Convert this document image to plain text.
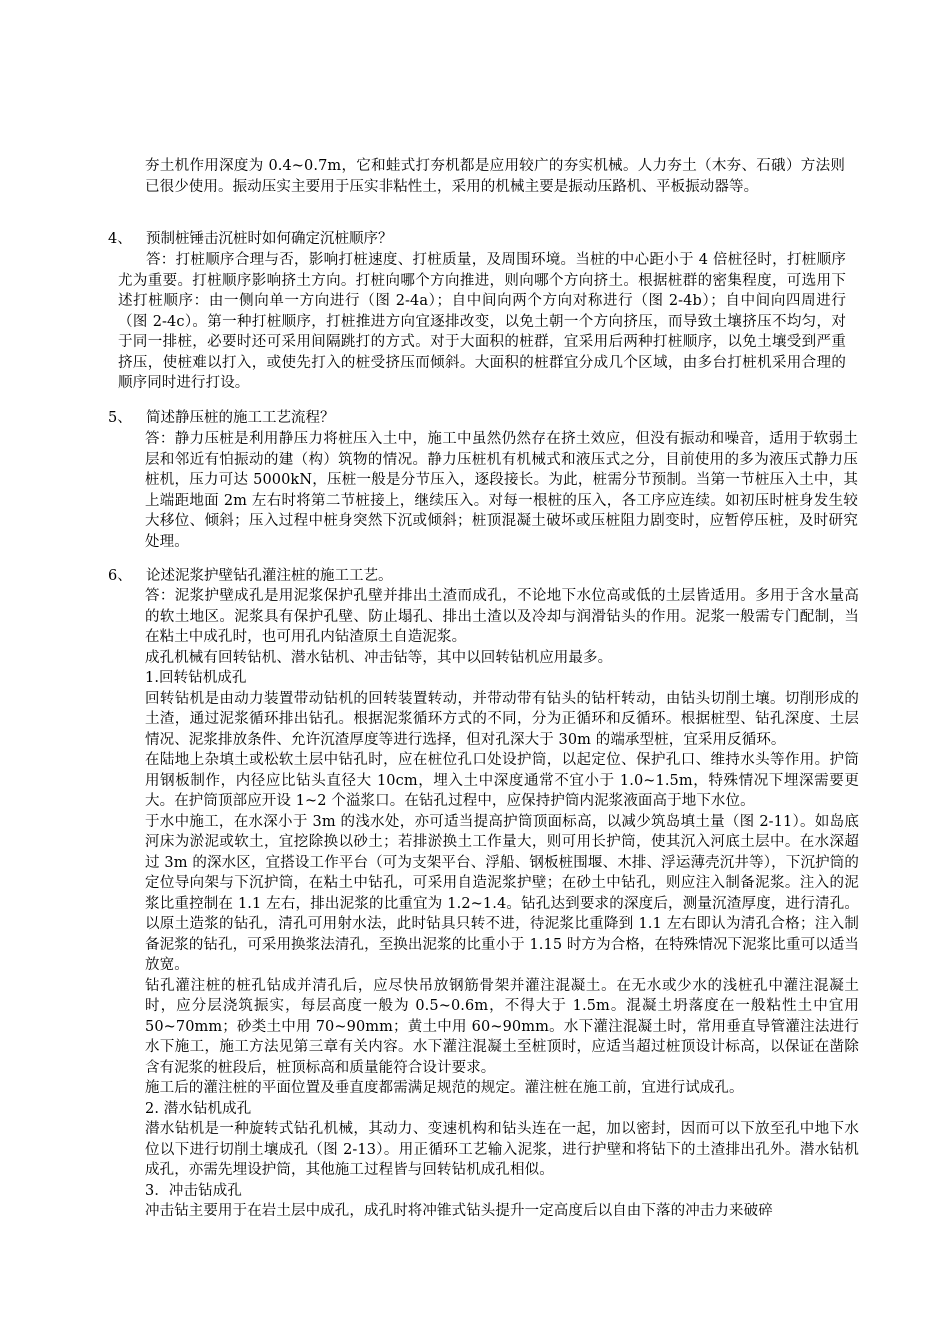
夯土机作用深度为 0.4~0.7m，它和蛙式打夯机都是应用较广的夯实机械。人力夯土（木夯、石硪）方法则已很少使用。振动压实主要用于压实非粘性土，采用的机械主要是振动压路机、平板振动器等。
4、 预制桩锤击沉桩时如何确定沉桩顺序？

答：打桩顺序合理与否，影响打桩速度、打桩质量，及周围环境。当桩的中心距小于 4 倍桩径时，打桩顺序尤为重要。打桩顺序影响挤土方向。打桩向哪个方向推进，则向哪个方向挤土。根据桩群的密集程度，可选用下述打桩顺序：由一侧向单一方向进行（图 2-4a）；自中间向两个方向对称进行（图 2-4b）；自中间向四周进行（图 2-4c）。第一种打桩顺序，打桩推进方向宜逐排改变，以免土朝一个方向挤压，而导致土壤挤压不均匀，对于同一排桩，必要时还可采用间隔跳打的方式。对于大面积的桩群，宜采用后两种打桩顺序，以免土壤受到严重挤压，使桩难以打入，或使先打入的桩受挤压而倾斜。大面积的桩群宜分成几个区域，由多台打桩机采用合理的顺序同时进行打设。

5、 简述静压桩的施工工艺流程？

答：静力压桩是利用静压力将桩压入土中，施工中虽然仍然存在挤土效应，但没有振动和噪音，适用于软弱土层和邻近有怕振动的建（构）筑物的情况。静力压桩机有机械式和液压式之分，目前使用的多为液压式静力压桩机，压力可达 5000kN，压桩一般是分节压入，逐段接长。为此，桩需分节预制。当第一节桩压入土中，其上端距地面 2m 左右时将第二节桩接上，继续压入。对每一根桩的压入，各工序应连续。如初压时桩身发生较大移位、倾斜；压入过程中桩身突然下沉或倾斜；桩顶混凝土破坏或压桩阻力剧变时，应暂停压桩，及时研究处理。

6、 论述泥浆护壁钻孔灌注桩的施工工艺。

答：泥浆护壁成孔是用泥浆保护孔壁并排出土渣而成孔，不论地下水位高或低的土层皆适用。多用于含水量高的软土地区。泥浆具有保护孔壁、防止塌孔、排出土渣以及冷却与润滑钻头的作用。泥浆一般需专门配制，当在粘土中成孔时，也可用孔内钻渣原土自造泥浆。

成孔机械有回转钻机、潜水钻机、冲击钻等，其中以回转钻机应用最多。

1.回转钻机成孔

回转钻机是由动力装置带动钻机的回转装置转动，并带动带有钻头的钻杆转动，由钻头切削土壤。切削形成的土渣，通过泥浆循环排出钻孔。根据泥浆循环方式的不同，分为正循环和反循环。根据桩型、钻孔深度、土层情况、泥浆排放条件、允许沉渣厚度等进行选择，但对孔深大于 30m 的端承型桩，宜采用反循环。

在陆地上杂填土或松软土层中钻孔时，应在桩位孔口处设护筒，以起定位、保护孔口、维持水头等作用。护筒用钢板制作，内径应比钻头直径大 10cm，埋入土中深度通常不宜小于 1.0~1.5m，特殊情况下埋深需要更大。在护筒顶部应开设 1~2 个溢浆口。在钻孔过程中，应保持护筒内泥浆液面高于地下水位。

于水中施工，在水深小于 3m 的浅水处，亦可适当提高护筒顶面标高，以减少筑岛填土量（图 2-11）。如岛底河床为淤泥或软土，宜挖除换以砂土；若排淤换土工作量大，则可用长护筒，使其沉入河底土层中。在水深超过 3m 的深水区，宜搭设工作平台（可为支架平台、浮船、钢板桩围堰、木排、浮运薄壳沉井等），下沉护筒的定位导向架与下沉护筒，在粘土中钻孔，可采用自造泥浆护壁；在砂土中钻孔，则应注入制备泥浆。注入的泥浆比重控制在 1.1 左右，排出泥浆的比重宜为 1.2~1.4。钻孔达到要求的深度后，测量沉渣厚度，进行清孔。以原土造浆的钻孔，清孔可用射水法，此时钻具只转不进，待泥浆比重降到 1.1 左右即认为清孔合格；注入制备泥浆的钻孔，可采用换浆法清孔，至换出泥浆的比重小于 1.15 时方为合格，在特殊情况下泥浆比重可以适当放宽。

钻孔灌注桩的桩孔钻成并清孔后，应尽快吊放钢筋骨架并灌注混凝土。在无水或少水的浅桩孔中灌注混凝土时，应分层浇筑振实，每层高度一般为 0.5~0.6m，不得大于 1.5m。混凝土坍落度在一般粘性土中宜用 50~70mm；砂类土中用 70~90mm；黄土中用 60~90mm。水下灌注混凝土时，常用垂直导管灌注法进行水下施工，施工方法见第三章有关内容。水下灌注混凝土至桩顶时，应适当超过桩顶设计标高，以保证在凿除含有泥浆的桩段后，桩顶标高和质量能符合设计要求。

施工后的灌注桩的平面位置及垂直度都需满足规范的规定。灌注桩在施工前，宜进行试成孔。

2. 潜水钻机成孔

潜水钻机是一种旋转式钻孔机械，其动力、变速机构和钻头连在一起，加以密封，因而可以下放至孔中地下水位以下进行切削土壤成孔（图 2-13）。用正循环工艺输入泥浆，进行护壁和将钻下的土渣排出孔外。潜水钻机成孔，亦需先埋设护筒，其他施工过程皆与回转钻机成孔相似。

3．冲击钻成孔

冲击钻主要用于在岩土层中成孔，成孔时将冲锥式钻头提升一定高度后以自由下落的冲击力来破碎
